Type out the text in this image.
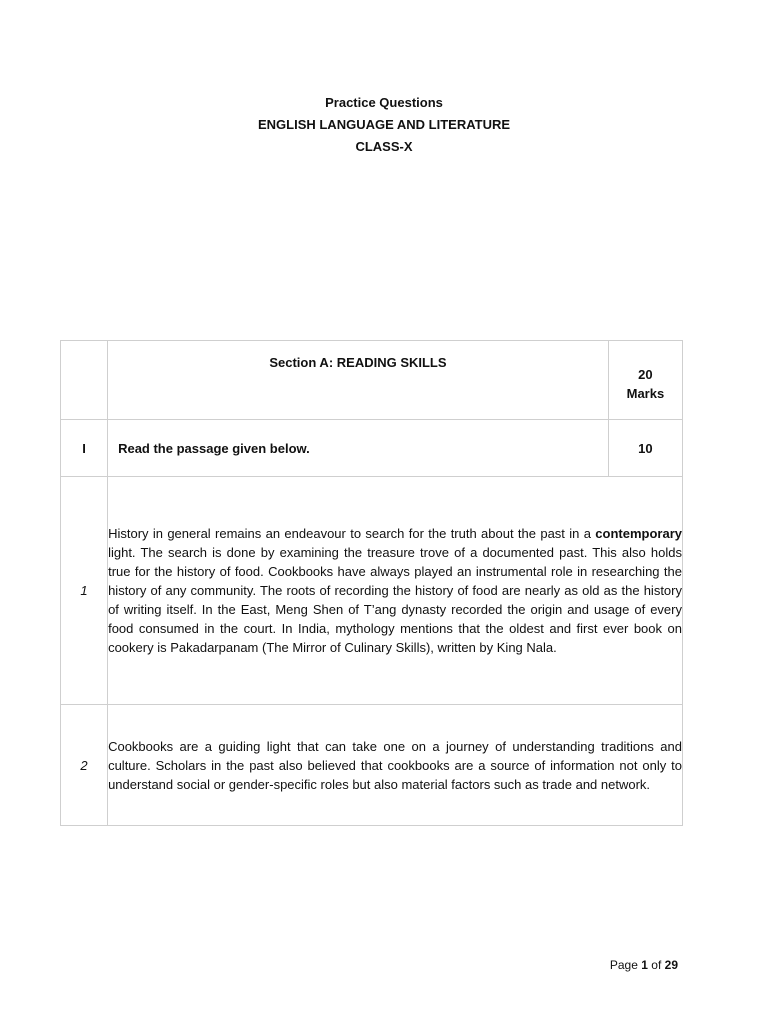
Practice Questions
ENGLISH LANGUAGE AND LITERATURE
CLASS-X
	Section A: READING SKILLS	20
Marks

I	Read the passage given below.	10
1	History in general remains an endeavour to search for the truth about the past in a contemporary light. The search is done by examining the treasure trove of a documented past. This also holds true for the history of food. Cookbooks have always played an instrumental role in researching the history of any community. The roots of recording the history of food are nearly as old as the history of writing itself. In the East, Meng Shen of T’ang dynasty recorded the origin and usage of every food consumed in the court. In India, mythology mentions that the oldest and first ever book on cookery is Pakadarpanam (The Mirror of Culinary Skills), written by King Nala.	
2	Cookbooks are a guiding light that can take one on a journey of understanding traditions and culture. Scholars in the past also believed that cookbooks are a source of information not only to understand social or gender-specific roles but also material factors such as trade and network.	
Page 1 of 29
